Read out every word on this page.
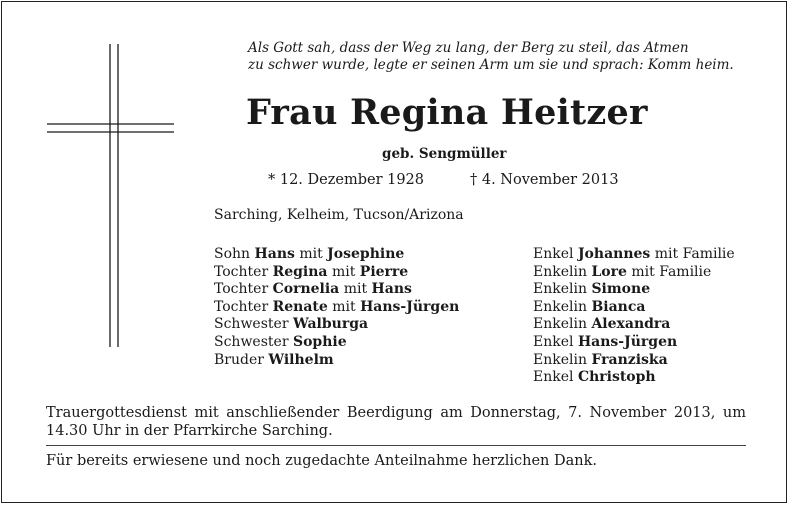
Als Gott sah, dass der Weg zu lang, der Berg zu steil, das Atmen
zu schwer wurde, legte er seinen Arm um sie und sprach: Komm heim.
Frau Regina Heitzer
geb. Sengmüller
* 12. Dezember 1928	† 4. November 2013
Sarching, Kelheim, Tucson/Arizona
Sohn Hans mit Josephine
Tochter Regina mit Pierre
Tochter Cornelia mit Hans
Tochter Renate mit Hans-Jürgen
Schwester Walburga
Schwester Sophie
Bruder Wilhelm
Enkel Johannes mit Familie
Enkelin Lore mit Familie
Enkelin Simone
Enkelin Bianca
Enkelin Alexandra
Enkel Hans-Jürgen
Enkelin Franziska
Enkel Christoph
Trauergottesdienst mit anschließender Beerdigung am Donnerstag, 7. November 2013, um 14.30 Uhr in der Pfarrkirche Sarching.
Für bereits erwiesene und noch zugedachte Anteilnahme herzlichen Dank.
